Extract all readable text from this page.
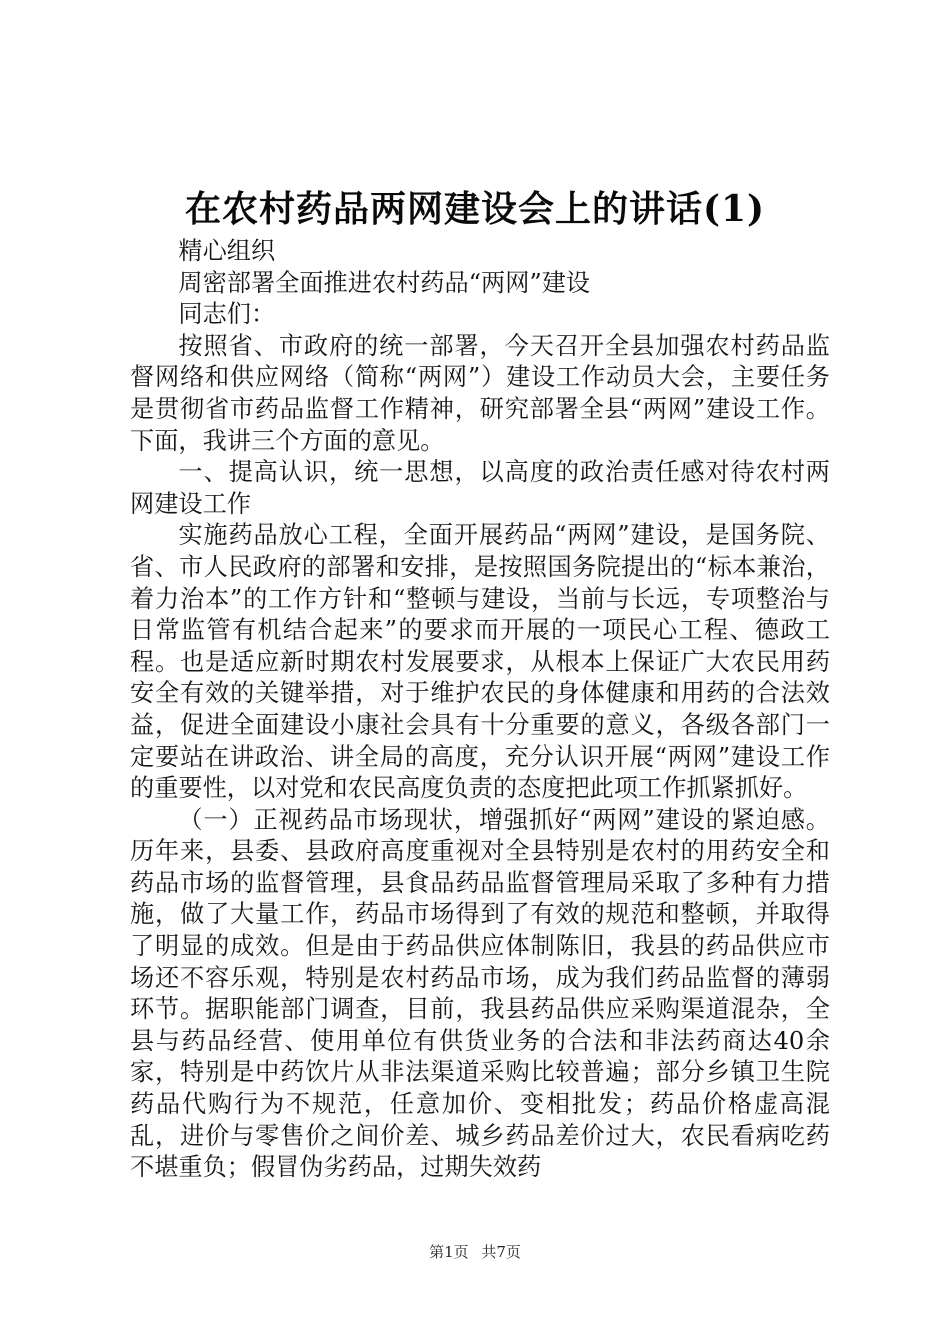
在农村药品两网建设会上的讲话(1)

精心组织

周密部署全面推进农村药品“两网”建设

同志们：

按照省、市政府的统一部署，今天召开全县加强农村药品监督网络和供应网络（简称“两网”）建设工作动员大会，主要任务是贯彻省市药品监督工作精神，研究部署全县“两网”建设工作。下面，我讲三个方面的意见。

一、提高认识，统一思想，以高度的政治责任感对待农村两网建设工作

实施药品放心工程，全面开展药品“两网”建设，是国务院、省、市人民政府的部署和安排，是按照国务院提出的“标本兼治，着力治本”的工作方针和“整顿与建设，当前与长远，专项整治与日常监管有机结合起来”的要求而开展的一项民心工程、德政工程。也是适应新时期农村发展要求，从根本上保证广大农民用药安全有效的关键举措，对于维护农民的身体健康和用药的合法效益，促进全面建设小康社会具有十分重要的意义，各级各部门一定要站在讲政治、讲全局的高度，充分认识开展“两网”建设工作的重要性，以对党和农民高度负责的态度把此项工作抓紧抓好。

（一）正视药品市场现状，增强抓好“两网”建设的紧迫感。历年来，县委、县政府高度重视对全县特别是农村的用药安全和药品市场的监督管理，县食品药品监督管理局采取了多种有力措施，做了大量工作，药品市场得到了有效的规范和整顿，并取得了明显的成效。但是由于药品供应体制陈旧，我县的药品供应市场还不容乐观，特别是农村药品市场，成为我们药品监督的薄弱环节。据职能部门调查，目前，我县药品供应采购渠道混杂，全县与药品经营、使用单位有供货业务的合法和非法药商达40余家，特别是中药饮片从非法渠道采购比较普遍；部分乡镇卫生院药品代购行为不规范，任意加价、变相批发；药品价格虚高混乱，进价与零售价之间价差、城乡药品差价过大，农民看病吃药不堪重负；假冒伪劣药品，过期失效药

第1页 共7页
